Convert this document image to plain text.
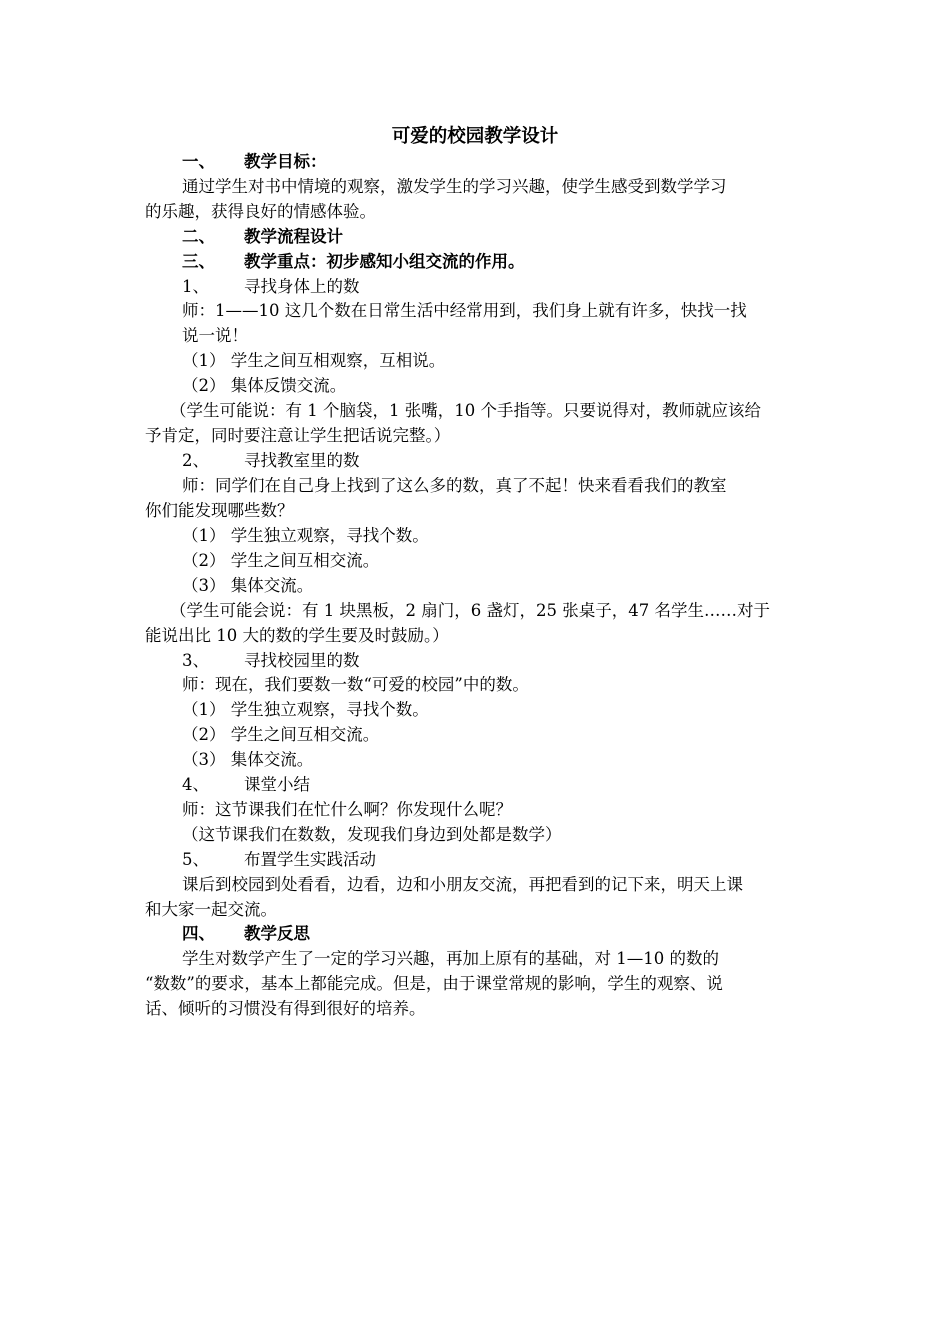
可爱的校园教学设计
一、 教学目标：
通过学生对书中情境的观察，激发学生的学习兴趣，使学生感受到数学学习
的乐趣，获得良好的情感体验。
二、 教学流程设计
三、 教学重点：初步感知小组交流的作用。
1、 寻找身体上的数
师：1——10 这几个数在日常生活中经常用到，我们身上就有许多，快找一找
说一说！
（1） 学生之间互相观察，互相说。
（2） 集体反馈交流。
（学生可能说：有 1 个脑袋，1 张嘴，10 个手指等。只要说得对，教师就应该给
予肯定，同时要注意让学生把话说完整。）
2、 寻找教室里的数
师：同学们在自己身上找到了这么多的数，真了不起！快来看看我们的教室
你们能发现哪些数？
（1） 学生独立观察，寻找个数。
（2） 学生之间互相交流。
（3） 集体交流。
（学生可能会说：有 1 块黑板，2 扇门，6 盏灯，25 张桌子，47 名学生……对于
能说出比 10 大的数的学生要及时鼓励。）
3、 寻找校园里的数
师：现在，我们要数一数“可爱的校园”中的数。
（1） 学生独立观察，寻找个数。
（2） 学生之间互相交流。
（3） 集体交流。
4、 课堂小结
师：这节课我们在忙什么啊？你发现什么呢？
（这节课我们在数数，发现我们身边到处都是数学）
5、 布置学生实践活动
课后到校园到处看看，边看，边和小朋友交流，再把看到的记下来，明天上课
和大家一起交流。
四、 教学反思
学生对数学产生了一定的学习兴趣，再加上原有的基础，对 1—10 的数的
“数数”的要求，基本上都能完成。但是，由于课堂常规的影响，学生的观察、说
话、倾听的习惯没有得到很好的培养。
